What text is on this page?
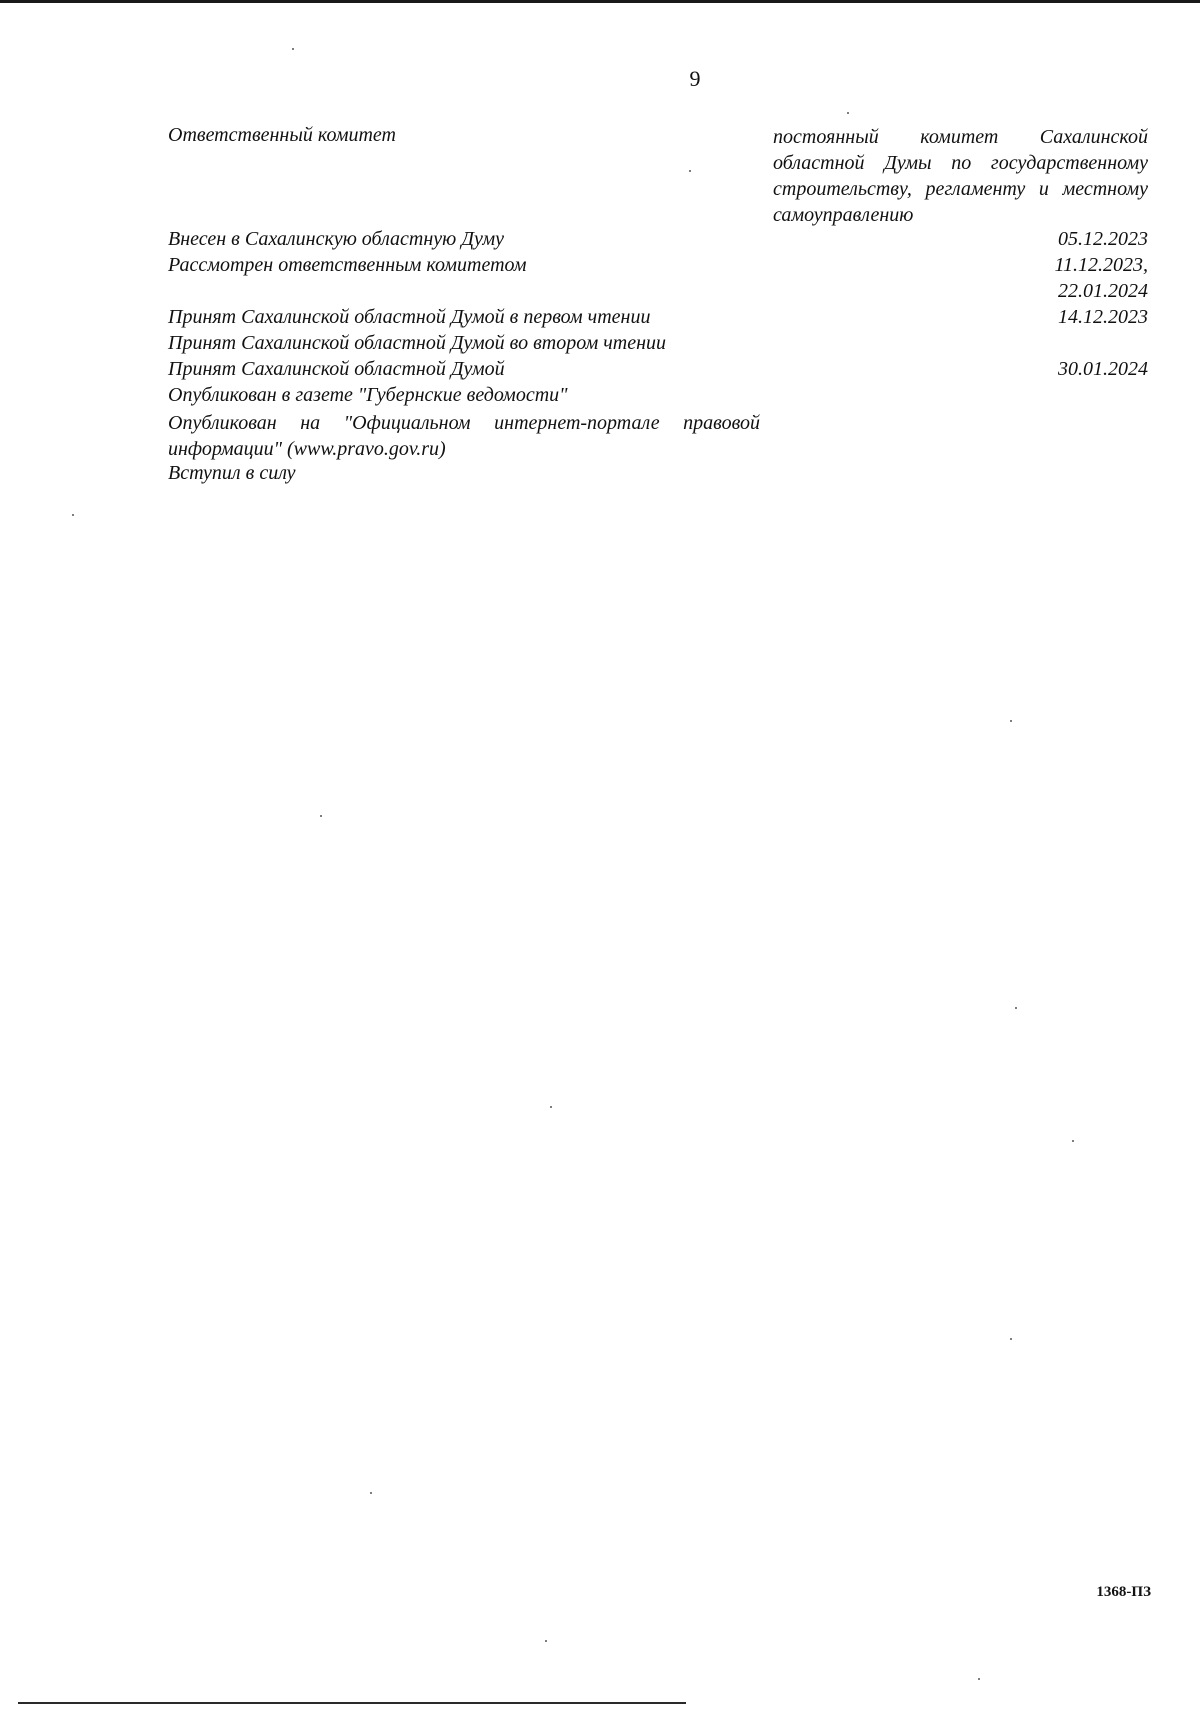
9
Ответственный комитет
Внесен в Сахалинскую областную Думу
Рассмотрен ответственным комитетом
Принят Сахалинской областной Думой в первом чтении
Принят Сахалинской областной Думой во втором чтении
Принят Сахалинской областной Думой
Опубликован в газете "Губернские ведомости"
Опубликован на "Официальном интернет-портале правовой информации" (www.pravo.gov.ru)
Вступил в силу
постоянный комитет Сахалинской областной Думы по государственному строительству, регламенту и местному самоуправлению
05.12.2023
11.12.2023,
22.01.2024
14.12.2023
30.01.2024
1368-ПЗ
